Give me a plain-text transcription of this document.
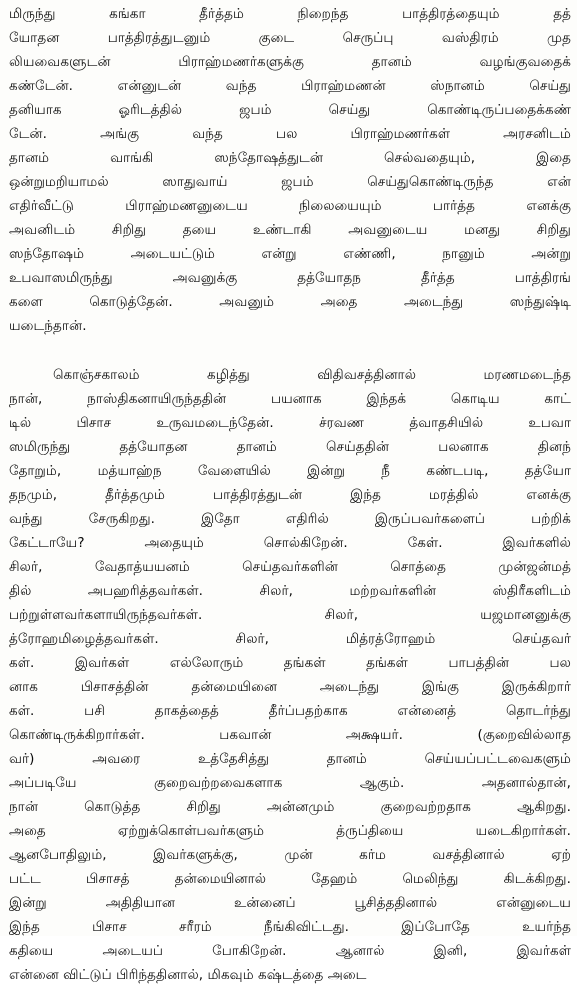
மிருந்து கங்கா தீர்த்தம் நிறைந்த பாத்திரத்தையும் தத்
யோதன பாத்திரத்துடனும் குடை செருப்பு வஸ்திரம் முத
லியவைகளுடன் பிராஹ்மணர்களுக்கு தானம் வழங்குவதைக்
கண்டேன். என்னுடன் வந்த பிராஹ்மணன் ஸ்நானம் செய்து
தனியாக ஓரிடத்தில் ஜபம் செய்து கொண்டிருப்பதைக்கண்
டேன். அங்கு வந்த பல பிராஹ்மணர்கள் அரசனிடம்
தானம் வாங்கி ஸந்தோஷத்துடன் செல்வதையும், இதை
ஒன்றுமறியாமல் ஸாதுவாய் ஜபம் செய்துகொண்டிருந்த என்
எதிர்வீட்டு பிராஹ்மணனுடைய நிலையையும் பார்த்த எனக்கு
அவனிடம் சிறிது தயை உண்டாகி அவனுடைய மனது சிறிது
ஸந்தோஷம் அடையட்டும் என்று எண்ணி, நானும் அன்று
உபவாஸமிருந்து அவனுக்கு தத்யோதந தீர்த்த பாத்திரங்
களை கொடுத்தேன். அவனும் அதை அடைந்து ஸந்துஷ்டி
யடைந்தான்.
கொஞ்சகாலம் கழித்து விதிவசத்தினால் மரணமடைந்த
நான், நாஸ்திகனாயிருந்ததின் பயனாக இந்தக் கொடிய காட்
டில் பிசாச உருவமடைந்தேன். ச்ரவண த்வாதசியில் உபவா
ஸமிருந்து தத்யோதன தானம் செய்ததின் பலனாக தினந்
தோறும், மத்யாஹ்ந வேளையில் இன்று நீ கண்டபடி, தத்யோ
தநமும், தீர்த்தமும் பாத்திரத்துடன் இந்த மரத்தில் எனக்கு
வந்து சேருகிறது. இதோ எதிரில் இருப்பவர்களைப் பற்றிக்
கேட்டாயே? அதையும் சொல்கிறேன். கேள். இவர்களில்
சிலர், வேதாத்யயனம் செய்தவர்களின் சொத்தை முன்ஜன்மத்
தில் அபஹரித்தவர்கள். சிலர், மற்றவர்களின் ஸ்திரீகளிடம்
பற்றுள்ளவர்களாயிருந்தவர்கள். சிலர், யஜமானனுக்கு
த்ரோஹமிழைத்தவர்கள். சிலர், மித்ரத்ரோஹம் செய்தவர்
கள். இவர்கள் எல்லோரும் தங்கள் தங்கள் பாபத்தின் பல
னாக பிசாசத்தின் தன்மையினை அடைந்து இங்கு இருக்கிறார்
கள். பசி தாகத்தைத் தீர்ப்பதற்காக என்னைத் தொடர்ந்து
கொண்டிருக்கிறார்கள். பகவான் அக்ஷயர். (குறைவில்லாத
வர்) அவரை உத்தேசித்து தானம் செய்யப்பட்டவைகளும்
அப்படியே குறைவற்றவைகளாக ஆகும். அதனால்தான்,
நான் கொடுத்த சிறிது அன்னமும் குறைவற்றதாக ஆகிறது.
அதை ஏற்றுக்கொள்பவர்களும் த்ருப்தியை யடைகிறார்கள்.
ஆனபோதிலும், இவர்களுக்கு, முன் கர்ம வசத்தினால் ஏற்
பட்ட பிசாசத் தன்மையினால் தேஹம் மெலிந்து கிடக்கிறது.
இன்று அதிதியான உன்னைப் பூசித்ததினால் என்னுடைய
இந்த பிசாச சரீரம் நீங்கிவிட்டது. இப்போதே உயர்ந்த
கதியை அடையப் போகிறேன். ஆனால் இனி, இவர்கள்
என்னை விட்டுப் பிரிந்ததினால், மிகவும் கஷ்டத்தை அடை
